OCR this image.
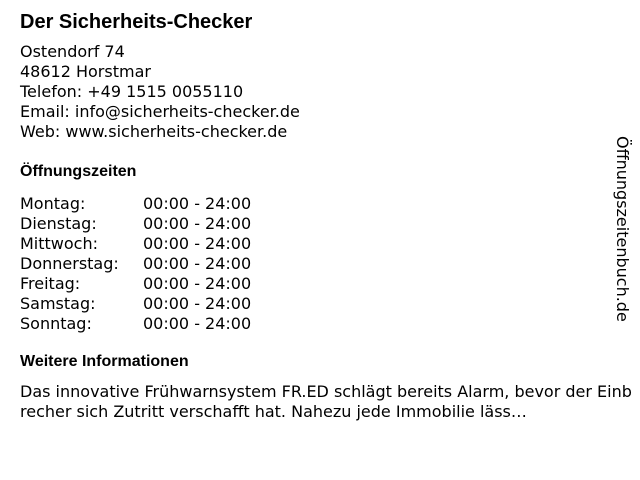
Der Sicherheits-Checker
Ostendorf 74
48612 Horstmar
Telefon: +49 1515 0055110
Email: info@sicherheits-checker.de
Web: www.sicherheits-checker.de
Öffnungszeiten
Montag:	00:00 - 24:00
Dienstag:	00:00 - 24:00
Mittwoch:	00:00 - 24:00
Donnerstag:	00:00 - 24:00
Freitag:	00:00 - 24:00
Samstag:	00:00 - 24:00
Sonntag:	00:00 - 24:00
Weitere Informationen
Das innovative Frühwarnsystem FR.ED schlägt bereits Alarm, bevor der Einbrecher sich Zutritt verschafft hat. Nahezu jede Immobilie läss…
Öffnungszeitenbuch.de
